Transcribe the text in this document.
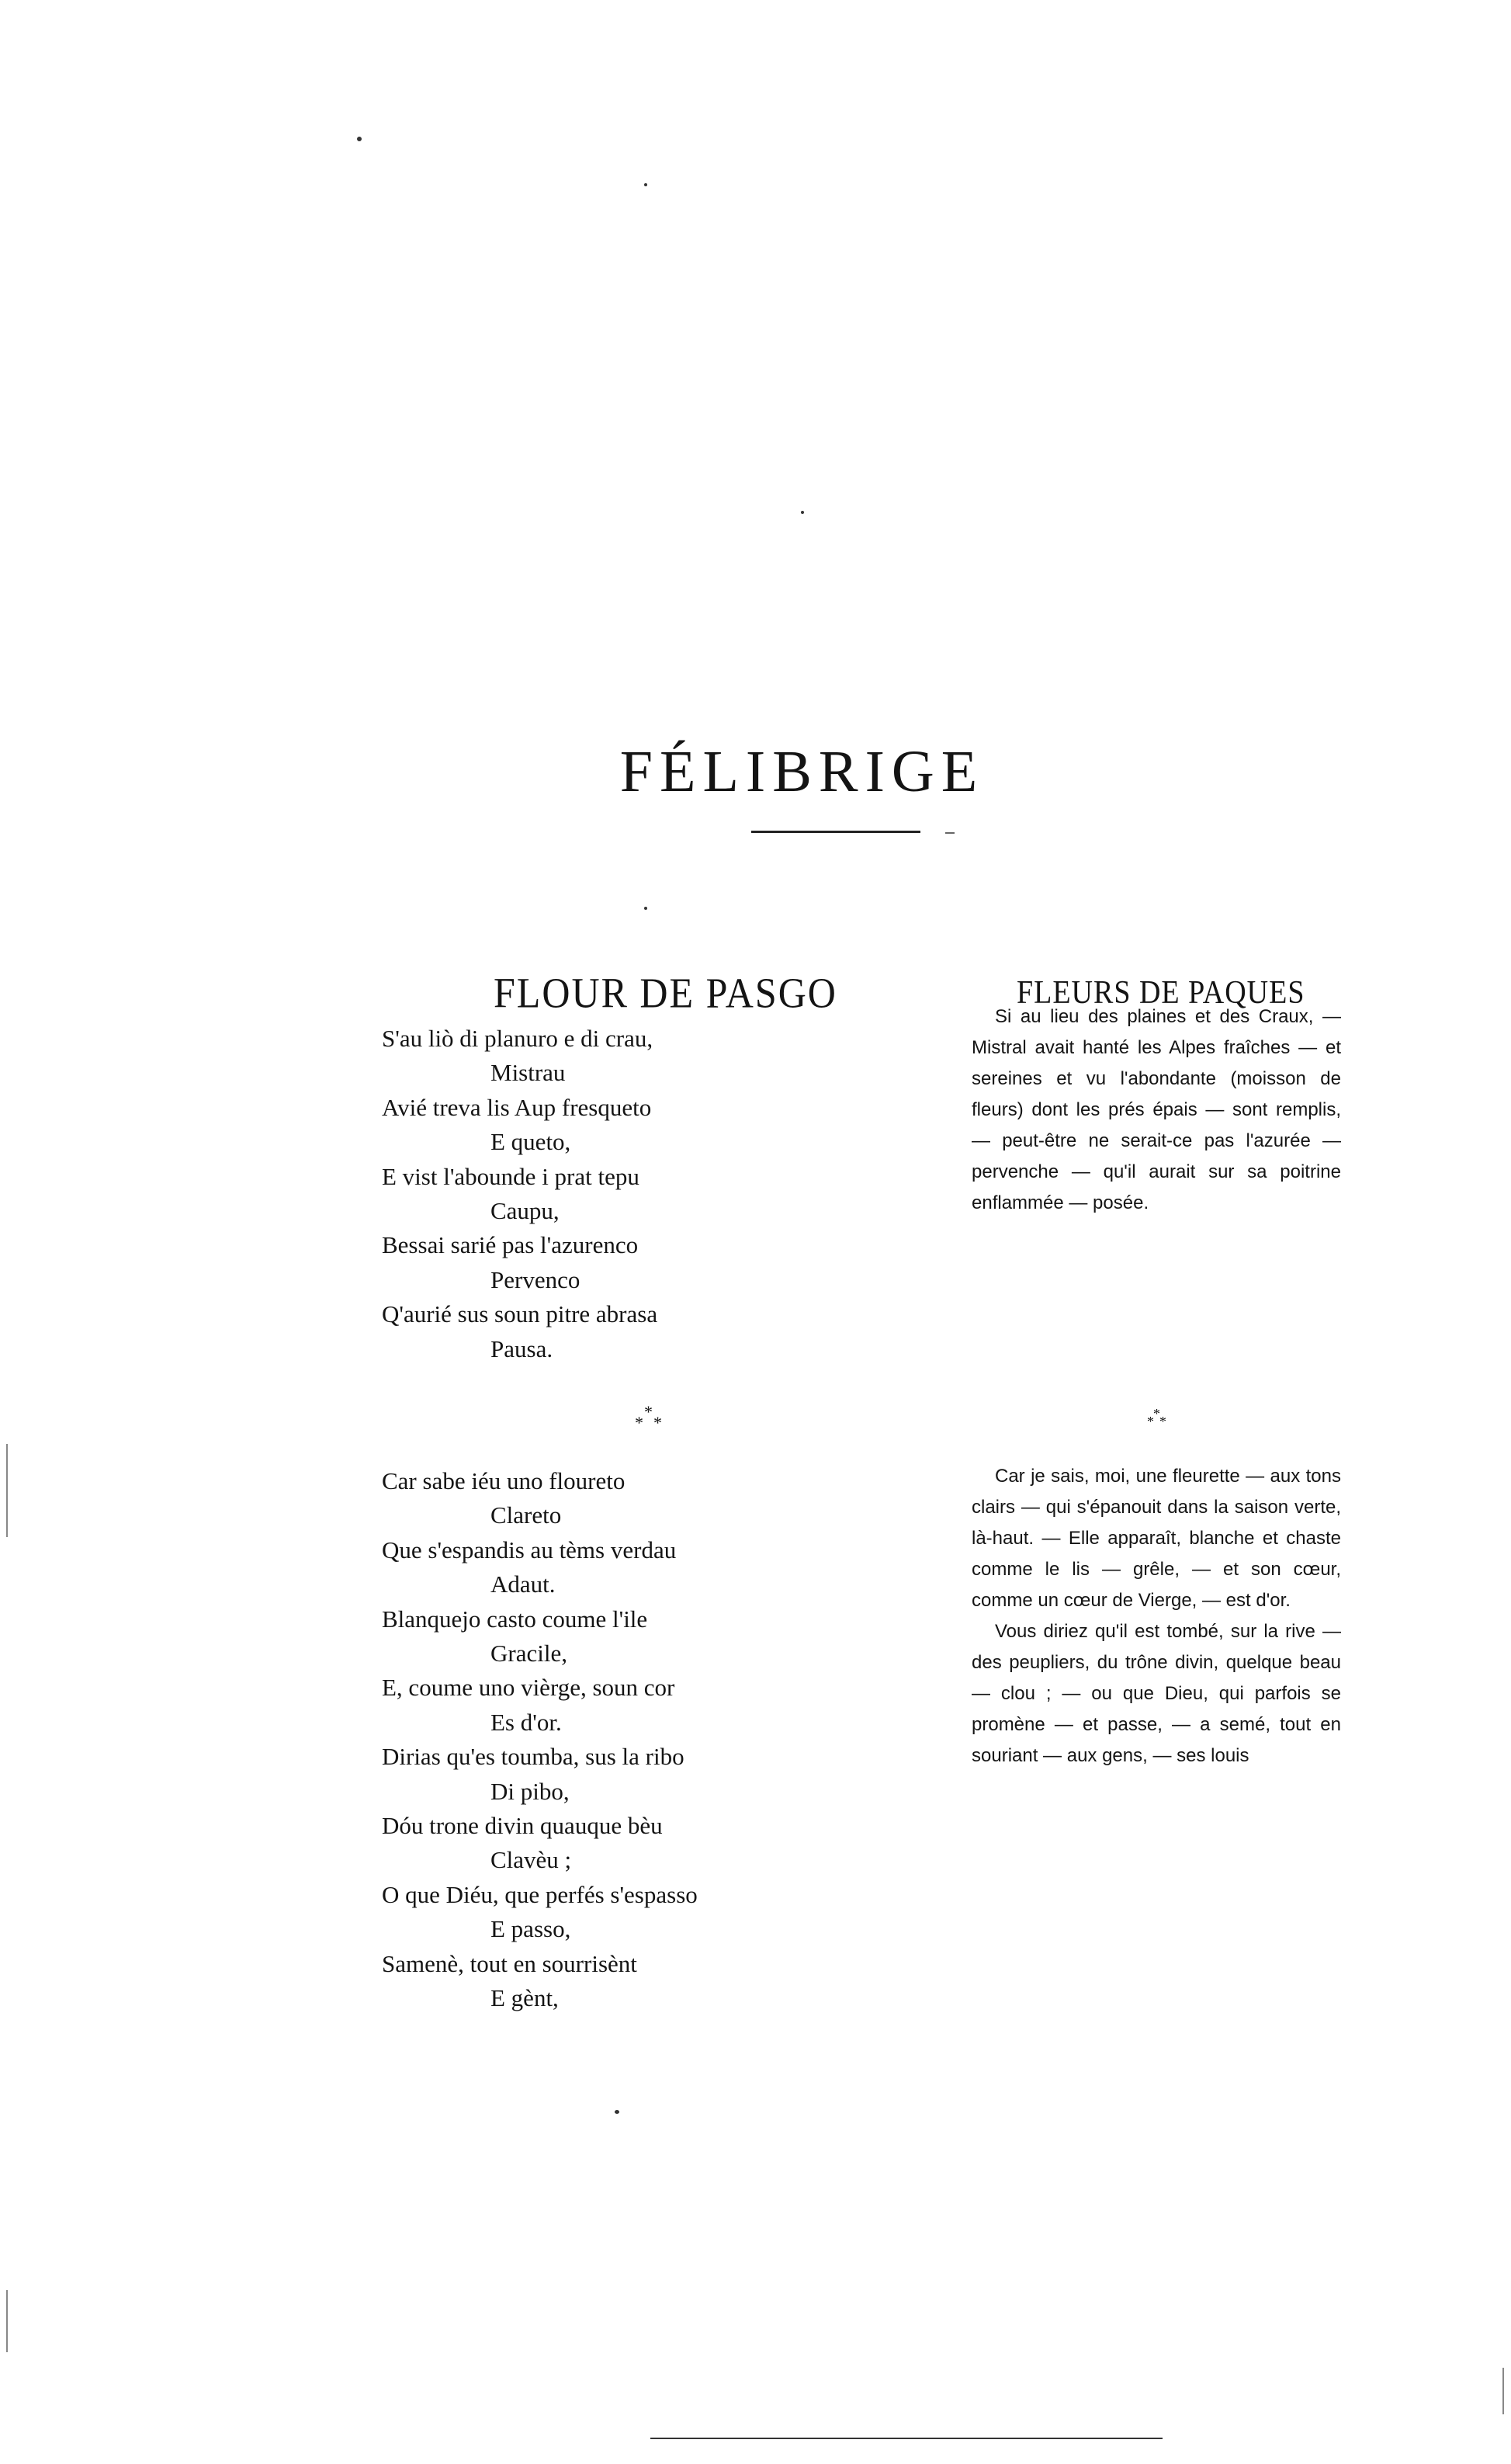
FÉLIBRIGE
FLOUR DE PASGO
S'au liò di planuro e di crau,
Mistrau
Avié treva lis Aup fresqueto
E queto,
E vist l'abounde i prat tepu
Caupu,
Bessai sarié pas l'azurenco
Pervenco
Q'aurié sus soun pitre abrasa
Pausa.
*
* *
Car sabe iéu uno floureto
Clareto
Que s'espandis au tèms verdau
Adaut.
Blanquejo casto coume l'ile
Gracile,
E, coume uno vièrge, soun cor
Es d'or.
Dirias qu'es toumba, sus la ribo
Di pibo,
Dóu trone divin quauque bèu
Clavèu ;
O que Diéu, que perfés s'espasso
E passo,
Samenè, tout en sourrisènt
E gènt,
FLEURS DE PAQUES

Si au lieu des plaines et des Craux, — Mistral avait hanté les Alpes fraîches — et sereines et vu l'abondante (moisson de fleurs) dont les prés épais — sont remplis, — peut-être ne serait-ce pas l'azurée — pervenche — qu'il aurait sur sa poitrine enflammée — posée.

*
* *

Car je sais, moi, une fleurette — aux tons clairs — qui s'épanouit dans la saison verte, là-haut. — Elle apparaît, blanche et chaste comme le lis — grêle, — et son cœur, comme un cœur de Vierge, — est d'or.

Vous diriez qu'il est tombé, sur la rive — des peupliers, du trône divin, quelque beau — clou ; — ou que Dieu, qui parfois se promène — et passe, — a semé, tout en souriant — aux gens, — ses louis
